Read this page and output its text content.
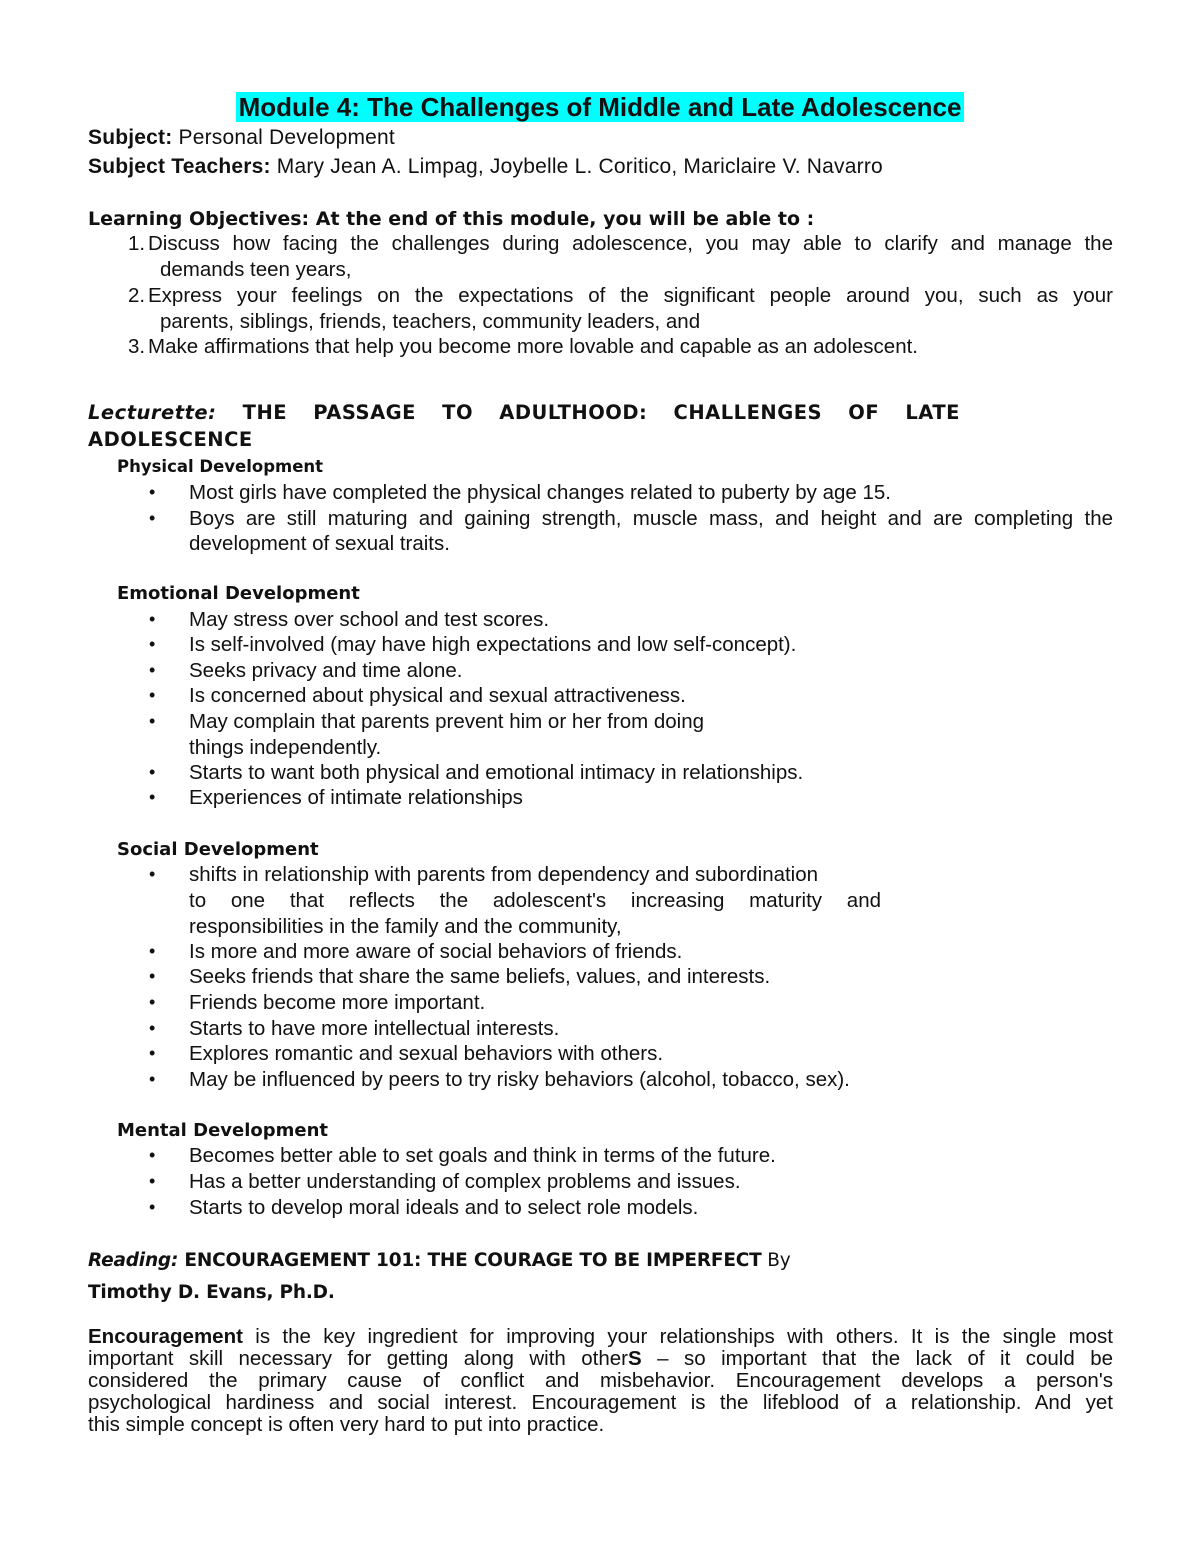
Module 4: The Challenges of Middle and Late Adolescence
Subject: Personal Development
Subject Teachers: Mary Jean A. Limpag, Joybelle L. Coritico, Mariclaire V. Navarro
Learning Objectives: At the end of this module, you will be able to :
1. Discuss how facing the challenges during adolescence, you may able to clarify and manage the
demands teen years,
2. Express your feelings on the expectations of the significant people around you, such as your
parents, siblings, friends, teachers, community leaders, and
3. Make affirmations that help you become more lovable and capable as an adolescent.
Lecturette: THE PASSAGE TO ADULTHOOD: CHALLENGES OF LATE
ADOLESCENCE
Physical Development
• Most girls have completed the physical changes related to puberty by age 15.
• Boys are still maturing and gaining strength, muscle mass, and height and are completing the
development of sexual traits.
Emotional Development
• May stress over school and test scores.
• Is self-involved (may have high expectations and low self-concept).
• Seeks privacy and time alone.
• Is concerned about physical and sexual attractiveness.
• May complain that parents prevent him or her from doing
things independently.
• Starts to want both physical and emotional intimacy in relationships.
• Experiences of intimate relationships
Social Development
• shifts in relationship with parents from dependency and subordination
to one that reflects the adolescent's increasing maturity and
responsibilities in the family and the community,
• Is more and more aware of social behaviors of friends.
• Seeks friends that share the same beliefs, values, and interests.
• Friends become more important.
• Starts to have more intellectual interests.
• Explores romantic and sexual behaviors with others.
• May be influenced by peers to try risky behaviors (alcohol, tobacco, sex).
Mental Development
• Becomes better able to set goals and think in terms of the future.
• Has a better understanding of complex problems and issues.
• Starts to develop moral ideals and to select role models.
Reading: ENCOURAGEMENT 101: THE COURAGE TO BE IMPERFECT By
Timothy D. Evans, Ph.D.
Encouragement is the key ingredient for improving your relationships with others. It is the single most
important skill necessary for getting along with otherS – so important that the lack of it could be
considered the primary cause of conflict and misbehavior. Encouragement develops a person's
psychological hardiness and social interest. Encouragement is the lifeblood of a relationship. And yet
this simple concept is often very hard to put into practice.
